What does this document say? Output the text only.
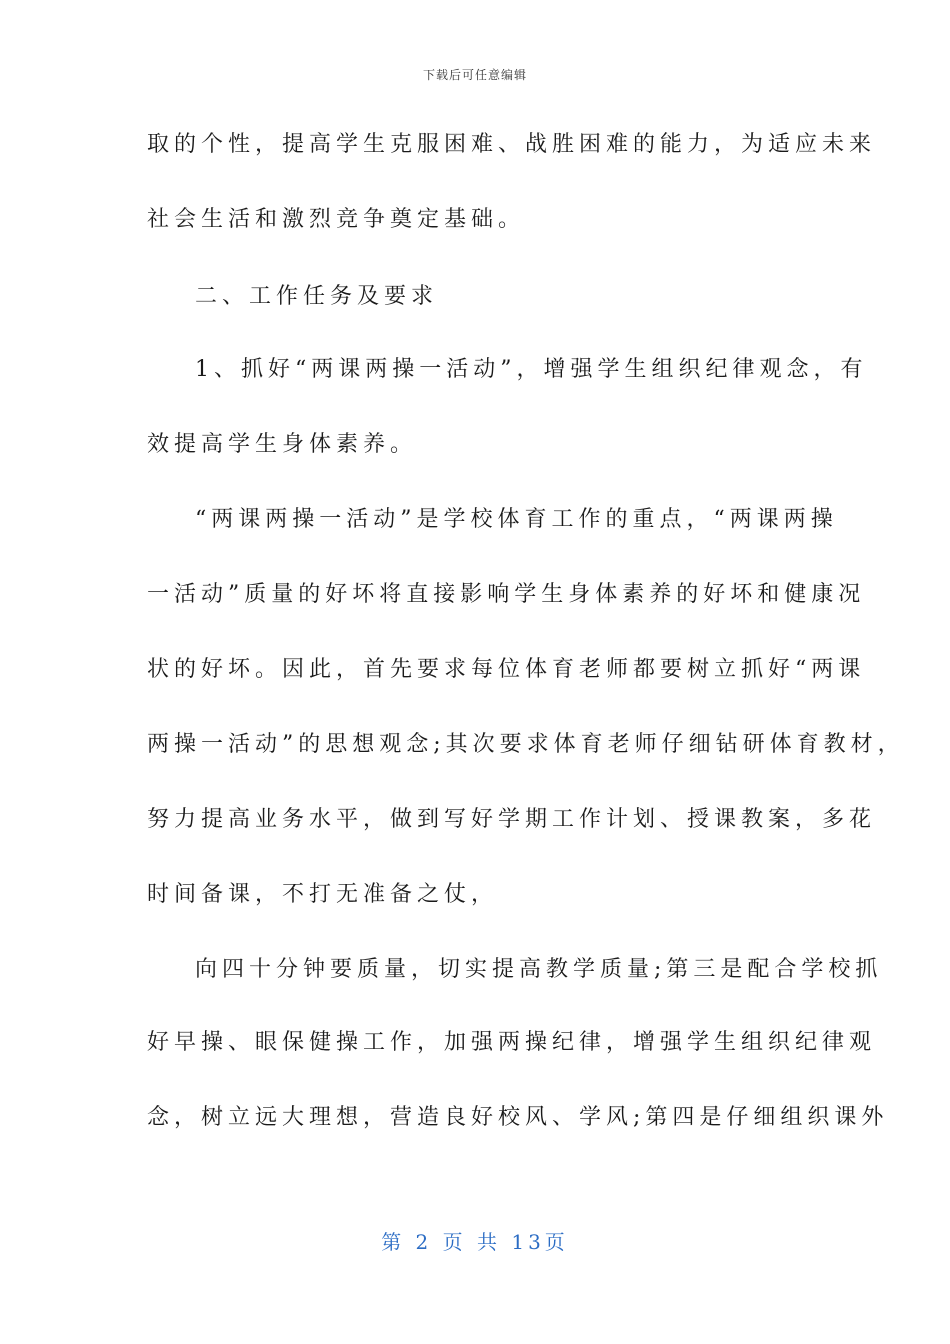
下载后可任意编辑
取的个性，提高学生克服困难、战胜困难的能力，为适应未来
社会生活和激烈竞争奠定基础。
二、工作任务及要求
1、抓好“两课两操一活动”，增强学生组织纪律观念，有
效提高学生身体素养。
“两课两操一活动”是学校体育工作的重点，“两课两操
一活动”质量的好坏将直接影响学生身体素养的好坏和健康况
状的好坏。因此，首先要求每位体育老师都要树立抓好“两课
两操一活动”的思想观念;其次要求体育老师仔细钻研体育教材，
努力提高业务水平，做到写好学期工作计划、授课教案，多花
时间备课，不打无准备之仗，
向四十分钟要质量，切实提高教学质量;第三是配合学校抓
好早操、眼保健操工作，加强两操纪律，增强学生组织纪律观
念，树立远大理想，营造良好校风、学风;第四是仔细组织课外
第 2 页 共 13页
